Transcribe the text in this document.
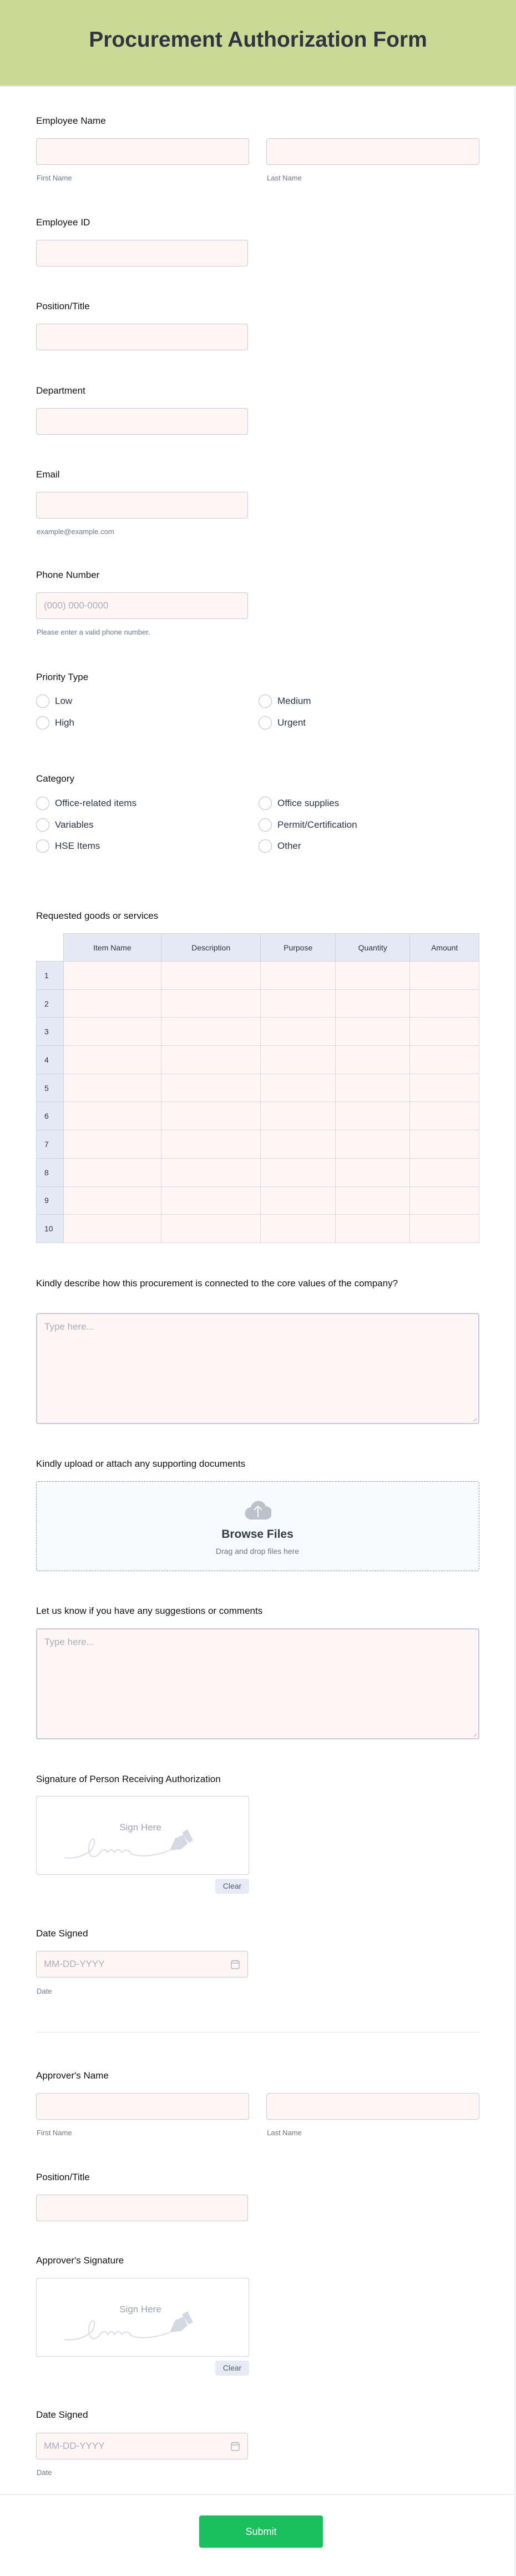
Procurement Authorization Form
Employee Name
First Name	Last Name
Employee ID
Position/Title
Department
Email
example@example.com
Phone Number
(000) 000-0000
Please enter a valid phone number.
Priority Type
Low	Medium
High	Urgent
Category
Office-related items	Office supplies
Variables	Permit/Certification
HSE Items	Other
Requested goods or services
	Item Name	Description	Purpose	Quantity	Amount
1					
2					
3					
4					
5					
6					
7					
8					
9					
10					
Kindly describe how this procurement is connected to the core values of the company?
Type here...
Kindly upload or attach any supporting documents
Browse Files
Drag and drop files here
Let us know if you have any suggestions or comments
Type here...
Signature of Person Receiving Authorization
Sign Here
Clear
Date Signed
MM-DD-YYYY
Date
Approver's Name
First Name	Last Name
Position/Title
Approver's Signature
Sign Here
Clear
Date Signed
MM-DD-YYYY
Date
Submit
